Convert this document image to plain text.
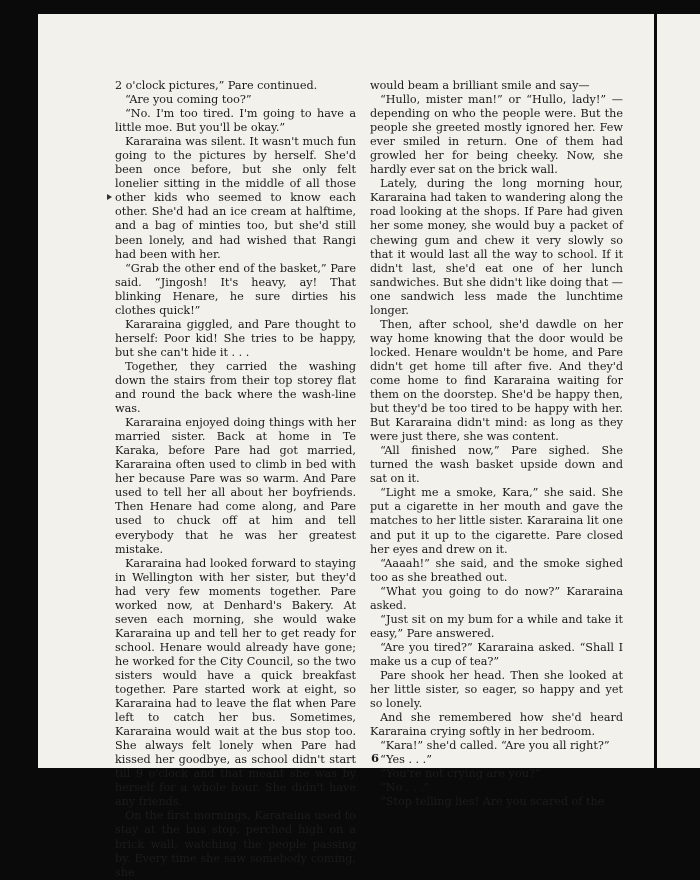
2 o'clock pictures,” Pare continued.

“Are you coming too?”

“No. I'm too tired. I'm going to have a little moe. But you'll be okay.”

Kararaina was silent. It wasn't much fun going to the pictures by herself. She'd been once before, but she only felt lonelier sitting in the middle of all those other kids who seemed to know each other. She'd had an ice cream at halftime, and a bag of minties too, but she'd still been lonely, and had wished that Rangi had been with her.

“Grab the other end of the basket,” Pare said. “Jingosh! It's heavy, ay! That blinking Henare, he sure dirties his clothes quick!”

Kararaina giggled, and Pare thought to herself: Poor kid! She tries to be happy, but she can't hide it . . .

Together, they carried the washing down the stairs from their top storey flat and round the back where the wash-line was.

Kararaina enjoyed doing things with her married sister. Back at home in Te Karaka, before Pare had got married, Kararaina often used to climb in bed with her because Pare was so warm. And Pare used to tell her all about her boyfriends. Then Henare had come along, and Pare used to chuck off at him and tell everybody that he was her greatest mistake.

Kararaina had looked forward to staying in Wellington with her sister, but they'd had very few moments together. Pare worked now, at Denhard's Bakery. At seven each morning, she would wake Kararaina up and tell her to get ready for school. Henare would already have gone; he worked for the City Council, so the two sisters would have a quick breakfast together. Pare started work at eight, so Kararaina had to leave the flat when Pare left to catch her bus. Sometimes, Kararaina would wait at the bus stop too. She always felt lonely when Pare had kissed her goodbye, as school didn't start till 9 o'clock and that meant she was by herself for a whole hour. She didn't have any friends.

On the first mornings, Kararaina used to stay at the bus stop, perched high on a brick wall, watching the people passing by. Every time she saw somebody coming, she

would beam a brilliant smile and say—

“Hullo, mister man!” or “Hullo, lady!” — depending on who the people were. But the people she greeted mostly ignored her. Few ever smiled in return. One of them had growled her for being cheeky. Now, she hardly ever sat on the brick wall.

Lately, during the long morning hour, Kararaina had taken to wandering along the road looking at the shops. If Pare had given her some money, she would buy a packet of chewing gum and chew it very slowly so that it would last all the way to school. If it didn't last, she'd eat one of her lunch sandwiches. But she didn't like doing that — one sandwich less made the lunchtime longer.

Then, after school, she'd dawdle on her way home knowing that the door would be locked. Henare wouldn't be home, and Pare didn't get home till after five. And they'd come home to find Kararaina waiting for them on the doorstep. She'd be happy then, but they'd be too tired to be happy with her. But Kararaina didn't mind: as long as they were just there, she was content.

“All finished now,” Pare sighed. She turned the wash basket upside down and sat on it.

“Light me a smoke, Kara,” she said. She put a cigarette in her mouth and gave the matches to her little sister. Kararaina lit one and put it up to the cigarette. Pare closed her eyes and drew on it.

“Aaaah!” she said, and the smoke sighed too as she breathed out.

“What you going to do now?” Kararaina asked.

“Just sit on my bum for a while and take it easy,” Pare answered.

“Are you tired?” Kararaina asked. “Shall I make us a cup of tea?”

Pare shook her head. Then she looked at her little sister, so eager, so happy and yet so lonely.

And she remembered how she'd heard Kararaina crying softly in her bedroom.

“Kara!” she'd called. “Are you all right?”

“Yes . . .”

“You're not crying are you?”

“No . . .”

“Stop telling lies! Are you scared of the

6
